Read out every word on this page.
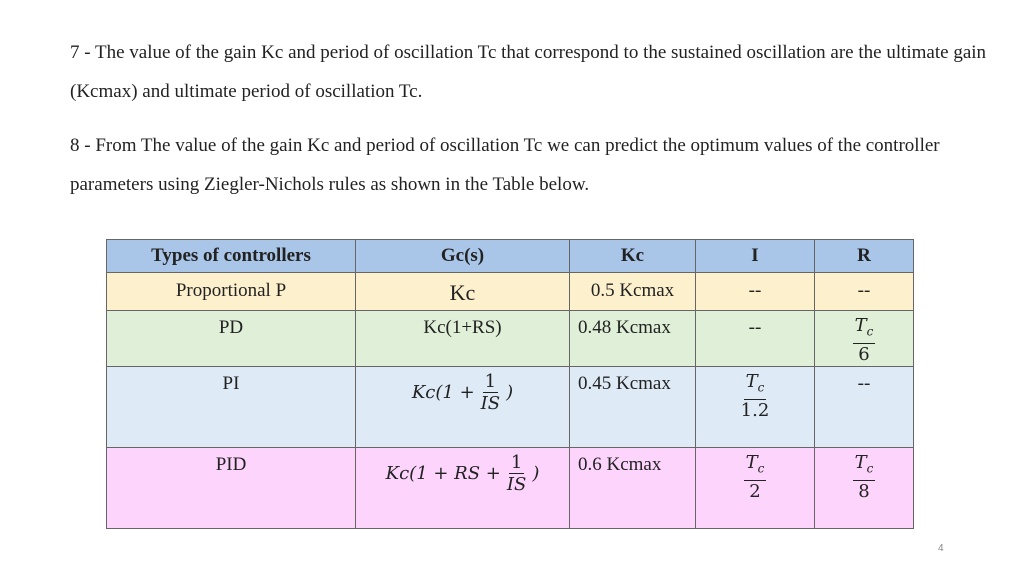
7 - The value of the gain Kc and period of oscillation Tc that correspond to the sustained oscillation are the ultimate gain (Kcmax) and ultimate period of oscillation Tc.

8 - From The value of the gain Kc and period of oscillation Tc we can predict the optimum values of the controller parameters using Ziegler-Nichols rules as shown in the Table below.

Types of controllers	Gc(s)	Kc	I	R

Proportional P	Kc	0.5 Kcmax	--	--

PD	Kc(1+RS)	0.48 Kcmax	--	$\frac{T_c}{6}$

PI	$Kc(1 + \frac{1}{IS}$ )	0.45 Kcmax	$\frac{T_c}{1.2}$	--

PID	Kc(1 + RS + $\frac{1}{IS}$ )	0.6 Kcmax	$\frac{T_c}{2}$	$\frac{T_c}{8}$
4
